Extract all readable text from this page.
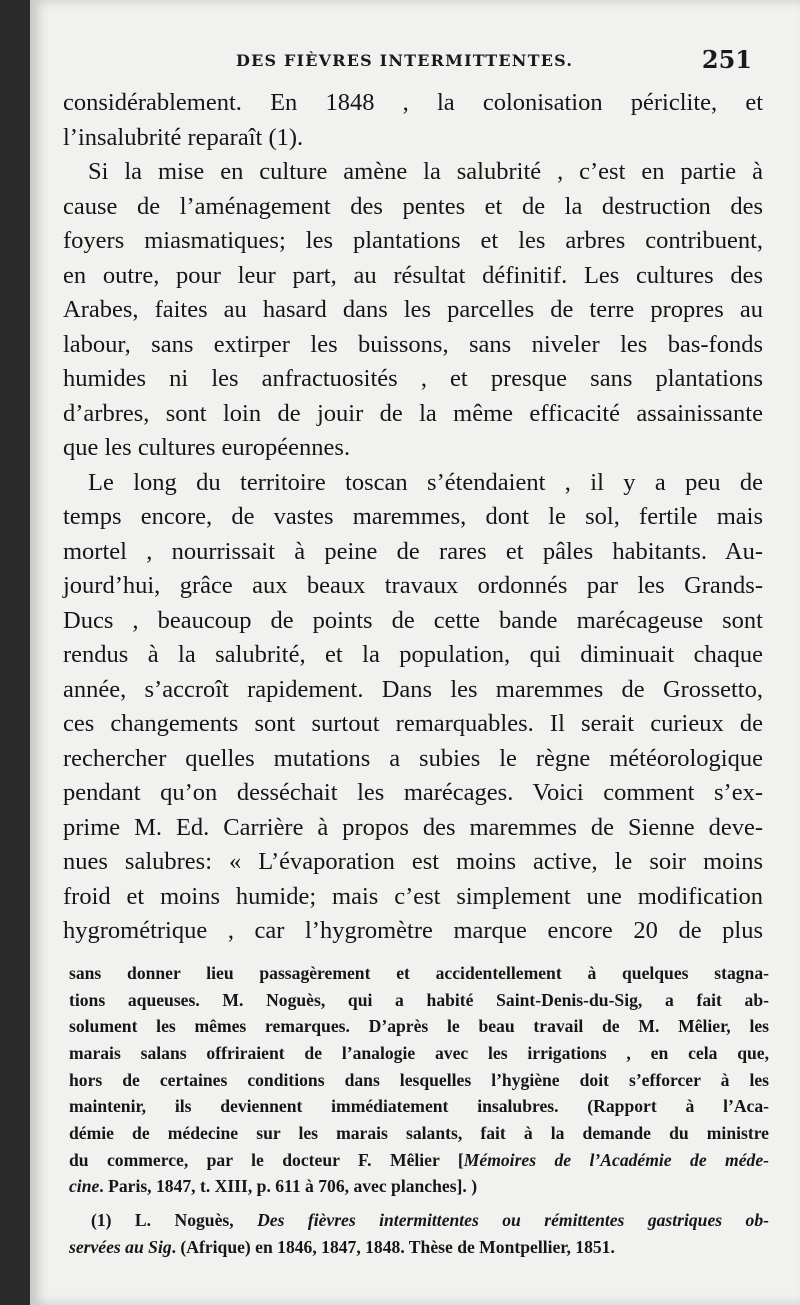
DES FIÈVRES INTERMITTENTES.	251
considérablement. En 1848 , la colonisation périclite, et
l’insalubrité reparaît (1).
Si la mise en culture amène la salubrité , c’est en partie à
cause de l’aménagement des pentes et de la destruction des
foyers miasmatiques; les plantations et les arbres contribuent,
en outre, pour leur part, au résultat définitif. Les cultures des
Arabes, faites au hasard dans les parcelles de terre propres au
labour, sans extirper les buissons, sans niveler les bas-fonds
humides ni les anfractuosités , et presque sans plantations
d’arbres, sont loin de jouir de la même efficacité assainissante
que les cultures européennes.
Le long du territoire toscan s’étendaient , il y a peu de
temps encore, de vastes maremmes, dont le sol, fertile mais
mortel , nourrissait à peine de rares et pâles habitants. Au-
jourd’hui, grâce aux beaux travaux ordonnés par les Grands-
Ducs , beaucoup de points de cette bande marécageuse sont
rendus à la salubrité, et la population, qui diminuait chaque
année, s’accroît rapidement. Dans les maremmes de Grossetto,
ces changements sont surtout remarquables. Il serait curieux de
rechercher quelles mutations a subies le règne météorologique
pendant qu’on desséchait les marécages. Voici comment s’ex-
prime M. Ed. Carrière à propos des maremmes de Sienne deve-
nues salubres: « L’évaporation est moins active, le soir moins
froid et moins humide; mais c’est simplement une modification
hygrométrique , car l’hygromètre marque encore 20 de plus
sans donner lieu passagèrement et accidentellement à quelques stagna-
tions aqueuses. M. Noguès, qui a habité Saint-Denis-du-Sig, a fait ab-
solument les mêmes remarques. D’après le beau travail de M. Mêlier, les
marais salans offriraient de l’analogie avec les irrigations , en cela que,
hors de certaines conditions dans lesquelles l’hygiène doit s’efforcer à les
maintenir, ils deviennent immédiatement insalubres. (Rapport à l’Aca-
démie de médecine sur les marais salants, fait à la demande du ministre
du commerce, par le docteur F. Mêlier [Mémoires de l’Académie de méde-
cine. Paris, 1847, t. XIII, p. 611 à 706, avec planches]. )
(1) L. Noguès, Des fièvres intermittentes ou rémittentes gastriques ob-
servées au Sig. (Afrique) en 1846, 1847, 1848. Thèse de Montpellier, 1851.
